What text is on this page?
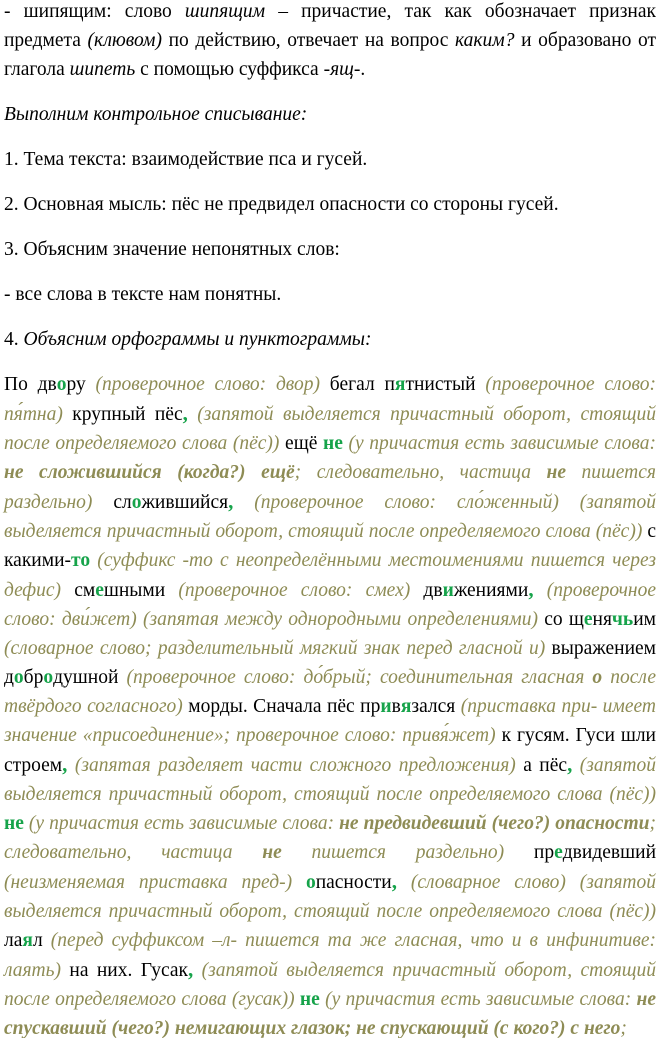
- шипящим: слово шипящим – причастие, так как обозначает признак предмета (клювом) по действию, отвечает на вопрос каким? и образовано от глагола шипеть с помощью суффикса -ящ-.

Выполним контрольное списывание:

1. Тема текста: взаимодействие пса и гусей.

2. Основная мысль: пёс не предвидел опасности со стороны гусей.

3. Объясним значение непонятных слов:

- все слова в тексте нам понятны.

4. Объясним орфограммы и пунктограммы:

По двору (проверочное слово: двор) бегал пятнистый (проверочное слово: пя́тна) крупный пёс, (запятой выделяется причастный оборот, стоящий после определяемого слова (пёс)) ещё не (у причастия есть зависимые слова: не сложившийся (когда?) ещё; следовательно, частица не пишется раздельно) сложившийся, (проверочное слово: сло́женный) (запятой выделяется причастный оборот, стоящий после определяемого слова (пёс)) с какими-то (суффикс -то с неопределёнными местоимениями пишется через дефис) смешными (проверочное слово: смех) движениями, (проверочное слово: дви́жет) (запятая между однородными определениями) со щенячьим (словарное слово; разделительный мягкий знак перед гласной и) выражением добродушной (проверочное слово: до́брый; соединительная гласная о после твёрдого согласного) морды. Сначала пёс привязался (приставка при- имеет значение «присоединение»; проверочное слово: привя́жет) к гусям. Гуси шли строем, (запятая разделяет части сложного предложения) а пёс, (запятой выделяется причастный оборот, стоящий после определяемого слова (пёс)) не (у причастия есть зависимые слова: не предвидевший (чего?) опасности; следовательно, частица не пишется раздельно) предвидевший (неизменяемая приставка пред-) опасности, (словарное слово) (запятой выделяется причастный оборот, стоящий после определяемого слова (пёс)) лаял (перед суффиксом –л- пишется та же гласная, что и в инфинитиве: лаять) на них. Гусак, (запятой выделяется причастный оборот, стоящий после определяемого слова (гусак)) не (у причастия есть зависимые слова: не спускавший (чего?) немигающих глазок; не спускающий (с кого?) с него;
